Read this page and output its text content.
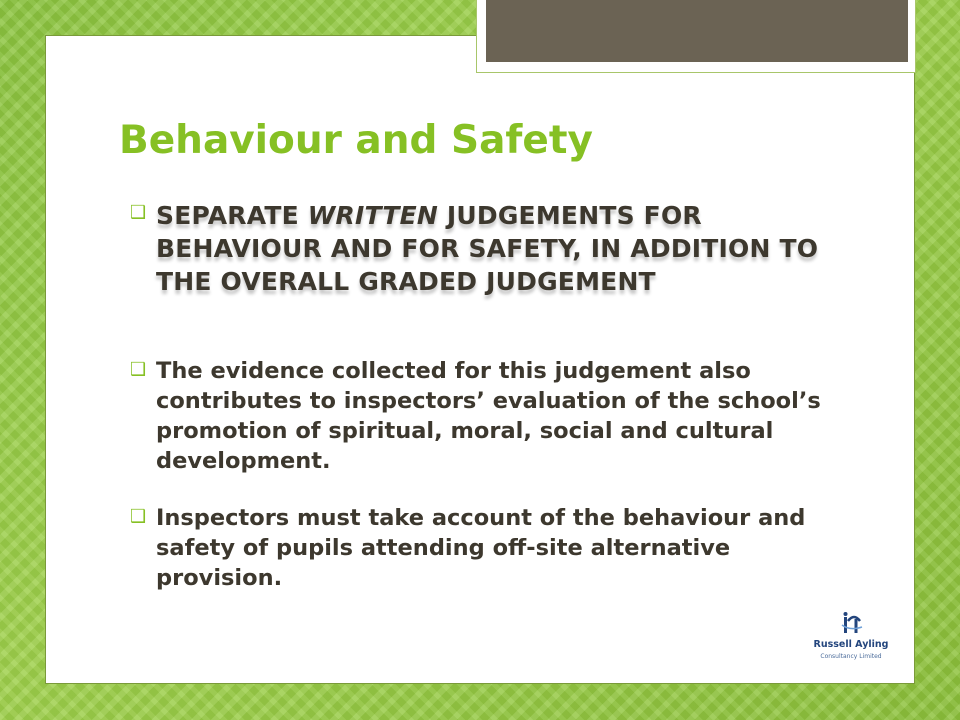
Behaviour and Safety
❑ SEPARATE WRITTEN JUDGEMENTS FOR BEHAVIOUR AND FOR SAFETY, IN ADDITION TO THE OVERALL GRADED JUDGEMENT
❑ The evidence collected for this judgement also contributes to inspectors’ evaluation of the school’s promotion of spiritual, moral, social and cultural development.
❑ Inspectors must take account of the behaviour and safety of pupils attending off-site alternative provision.
Russell Ayling
Consultancy Limited
